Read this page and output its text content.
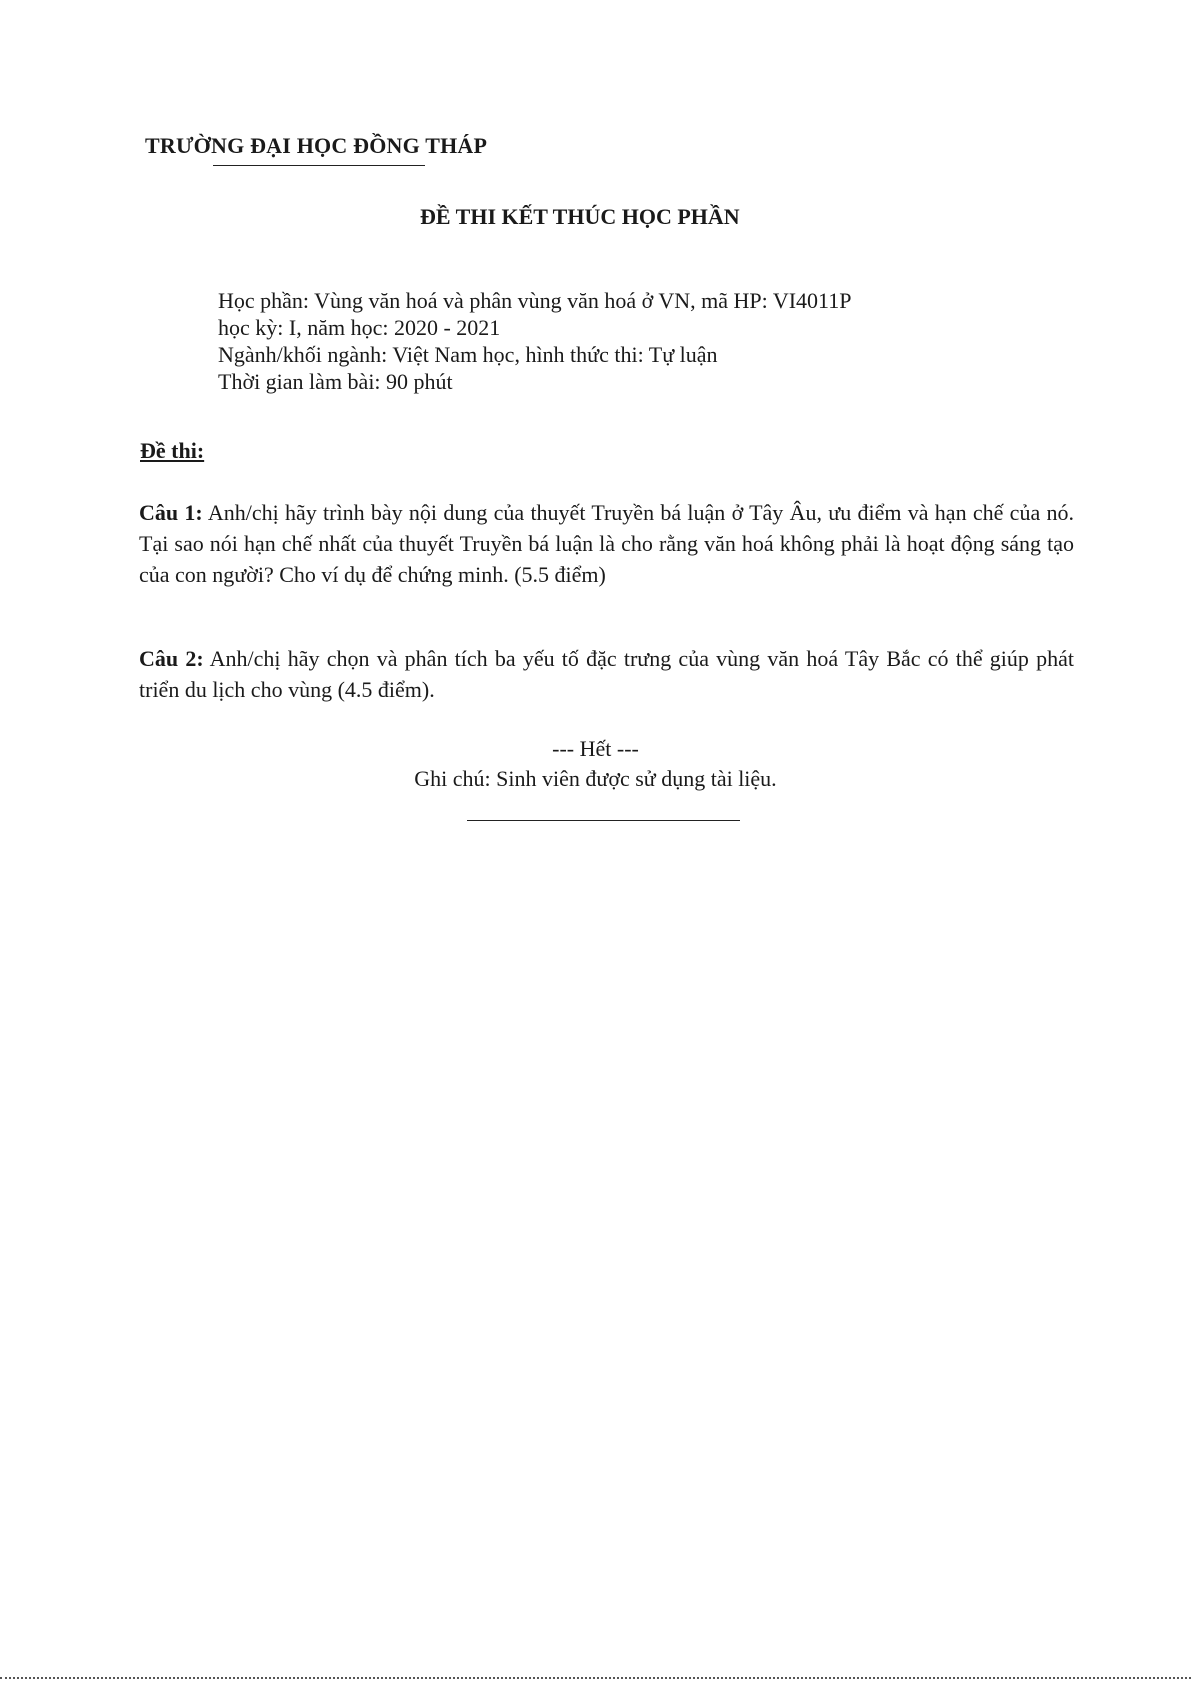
TRƯỜNG ĐẠI HỌC ĐỒNG THÁP
ĐỀ THI KẾT THÚC HỌC PHẦN
Học phần: Vùng văn hoá và phân vùng văn hoá ở VN, mã HP: VI4011P
học kỳ: I, năm học: 2020 - 2021
Ngành/khối ngành: Việt Nam học, hình thức thi: Tự luận
Thời gian làm bài: 90 phút
Đề thi:
Câu 1: Anh/chị hãy trình bày nội dung của thuyết Truyền bá luận ở Tây Âu, ưu điểm và hạn chế của nó. Tại sao nói hạn chế nhất của thuyết Truyền bá luận là cho rằng văn hoá không phải là hoạt động sáng tạo của con người? Cho ví dụ để chứng minh. (5.5 điểm)
Câu 2: Anh/chị hãy chọn và phân tích ba yếu tố đặc trưng của vùng văn hoá Tây Bắc có thể giúp phát triển du lịch cho vùng (4.5 điểm).
--- Hết ---
Ghi chú: Sinh viên được sử dụng tài liệu.
